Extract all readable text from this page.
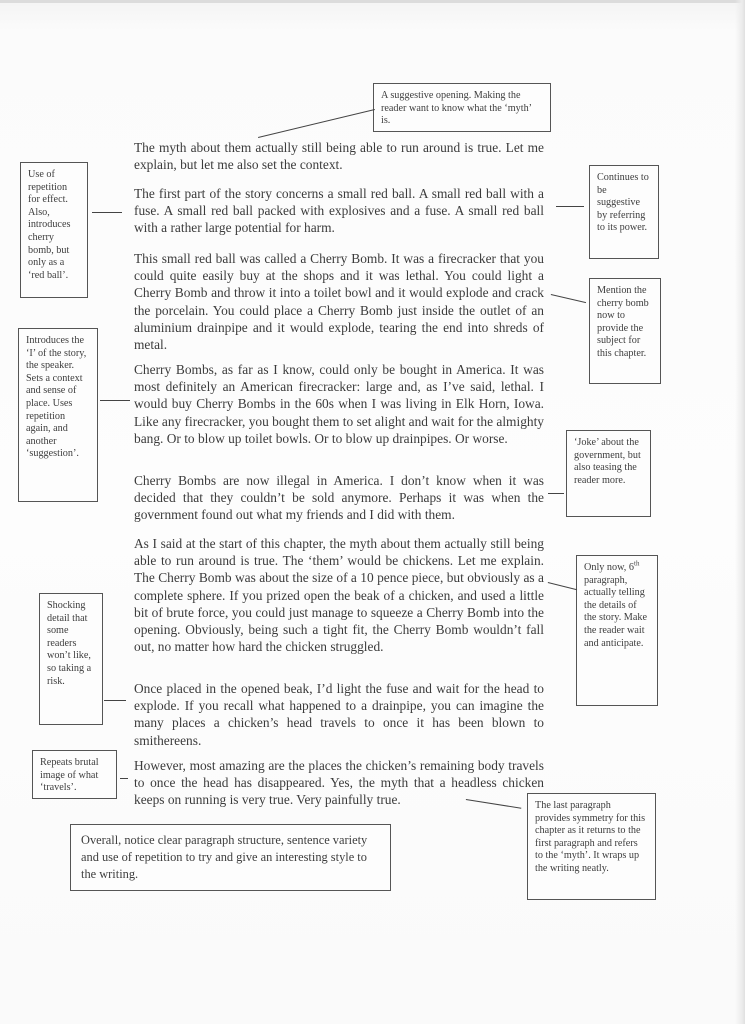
The myth about them actually still being able to run around is true. Let me explain, but let me also set the context.

The first part of the story concerns a small red ball. A small red ball with a fuse. A small red ball packed with explosives and a fuse. A small red ball with a rather large potential for harm.

This small red ball was called a Cherry Bomb. It was a firecracker that you could quite easily buy at the shops and it was lethal. You could light a Cherry Bomb and throw it into a toilet bowl and it would explode and crack the porcelain. You could place a Cherry Bomb just inside the outlet of an aluminium drainpipe and it would explode, tearing the end into shreds of metal.

Cherry Bombs, as far as I know, could only be bought in America. It was most definitely an American firecracker: large and, as I’ve said, lethal. I would buy Cherry Bombs in the 60s when I was living in Elk Horn, Iowa. Like any firecracker, you bought them to set alight and wait for the almighty bang. Or to blow up toilet bowls. Or to blow up drainpipes. Or worse.

Cherry Bombs are now illegal in America. I don’t know when it was decided that they couldn’t be sold anymore. Perhaps it was when the government found out what my friends and I did with them.

As I said at the start of this chapter, the myth about them actually still being able to run around is true. The ‘them’ would be chickens. Let me explain. The Cherry Bomb was about the size of a 10 pence piece, but obviously as a complete sphere. If you prized open the beak of a chicken, and used a little bit of brute force, you could just manage to squeeze a Cherry Bomb into the opening. Obviously, being such a tight fit, the Cherry Bomb wouldn’t fall out, no matter how hard the chicken struggled.

Once placed in the opened beak, I’d light the fuse and wait for the head to explode. If you recall what happened to a drainpipe, you can imagine the many places a chicken’s head travels to once it has been blown to smithereens.

However, most amazing are the places the chicken’s remaining body travels to once the head has disappeared. Yes, the myth that a headless chicken keeps on running is very true. Very painfully true.

A suggestive opening. Making the reader want to know what the ‘myth’ is.
Use of repetition for effect. Also, introduces cherry bomb, but only as a ‘red ball’.
Continues to be suggestive by referring to its power.
Mention the cherry bomb now to provide the subject for this chapter.
Introduces the ‘I’ of the story, the speaker. Sets a context and sense of place. Uses repetition again, and another ‘suggestion’.
‘Joke’ about the government, but also teasing the reader more.
Only now, 6th paragraph, actually telling the details of the story. Make the reader wait and anticipate.
Shocking detail that some readers won’t like, so taking a risk.
Repeats brutal image of what ‘travels’.
The last paragraph provides symmetry for this chapter as it returns to the first paragraph and refers to the ‘myth’. It wraps up the writing neatly.
Overall, notice clear paragraph structure, sentence variety and use of repetition to try and give an interesting style to the writing.
